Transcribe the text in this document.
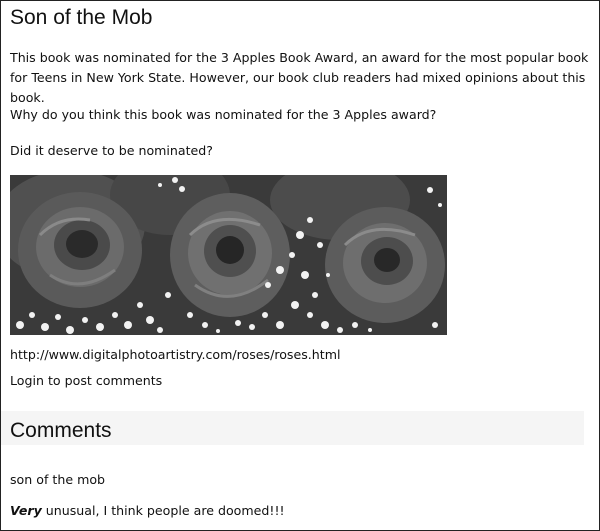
Son of the Mob

This book was nominated for the 3 Apples Book Award, an award for the most popular book for Teens in New York State. However, our book club readers had mixed opinions about this book.

Why do you think this book was nominated for the 3 Apples award?

Did it deserve to be nominated?

http://www.digitalphotoartistry.com/roses/roses.html

Login to post comments

Comments

son of the mob

Very unusual, I think people are doomed!!!
